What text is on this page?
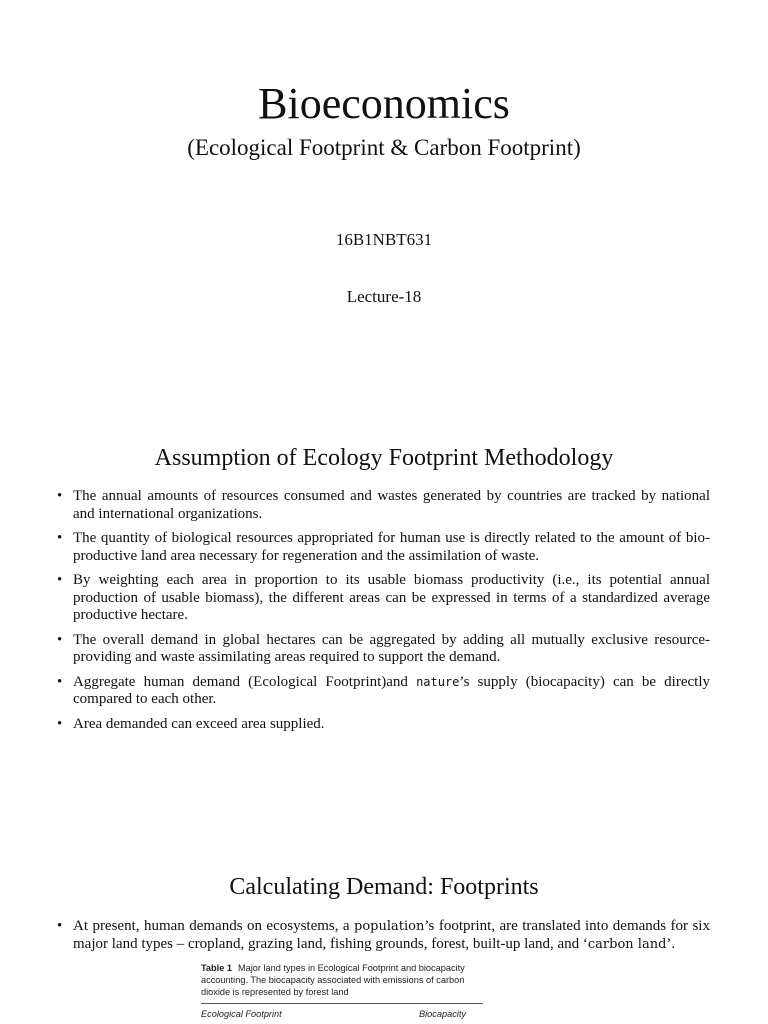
Bioeconomics
(Ecological Footprint & Carbon Footprint)
16B1NBT631
Lecture-18
Assumption of Ecology Footprint Methodology
• The annual amounts of resources consumed and wastes generated by countries are tracked by national and international organizations.
• The quantity of biological resources appropriated for human use is directly related to the amount of bio-productive land area necessary for regeneration and the assimilation of waste.
• By weighting each area in proportion to its usable biomass productivity (i.e., its potential annual production of usable biomass), the different areas can be expressed in terms of a standardized average productive hectare.
• The overall demand in global hectares can be aggregated by adding all mutually exclusive resource-providing and waste assimilating areas required to support the demand.
• Aggregate human demand (Ecological Footprint)and nature’s supply (biocapacity) can be directly compared to each other.
• Area demanded can exceed area supplied.
Calculating Demand: Footprints
• At present, human demands on ecosystems, a population’s footprint, are translated into demands for six major land types – cropland, grazing land, fishing grounds, forest, built-up land, and ‘carbon land’.
Table 1 Major land types in Ecological Footprint and biocapacity accounting. The biocapacity associated with emissions of carbon dioxide is represented by forest land
Ecological Footprint	Biocapacity
